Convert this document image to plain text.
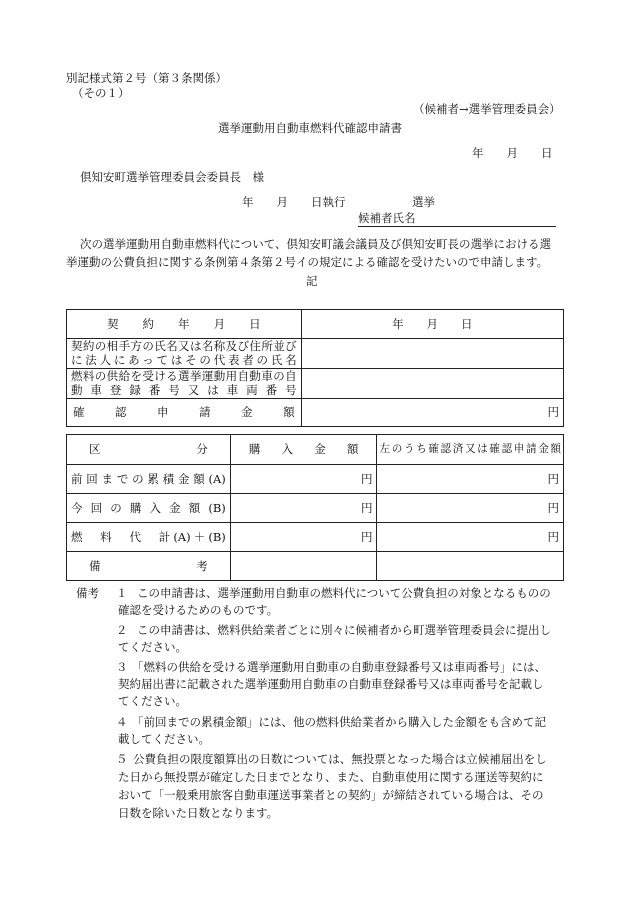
別記様式第２号（第３条関係）
（その１）
（候補者→選挙管理委員会）
選挙運動用自動車燃料代確認申請書
年　　月　　日
倶知安町選挙管理委員会委員長　様
年　　月　　日執行	選挙
候補者氏名
次の選挙運動用自動車燃料代について、倶知安町議会議員及び倶知安町長の選挙における選
挙運動の公費負担に関する条例第４条第２号イの規定による確認を受けたいので申請します。
記
契　約　年　月　日	年　　月　　日

契約の相手方の氏名又は名称及び住所並び
に法人にあってはその代表者の氏名	

燃料の供給を受ける選挙運動用自動車の自
動車登録番号又は車両番号	

確　認　申　請　金　額	円
区　　　分	購　入　金　額	左のうち確認済又は確認申請金額

前回までの累積金額(A)	円	円

今回の購入金額(B)	円	円

燃　料　代　計(A)＋(B)	円	円

備　　　考		

備考 １ この申請書は、選挙運動用自動車の燃料代について公費負担の対象となるものの
確認を受けるためのものです。
２ この申請書は、燃料供給業者ごとに別々に候補者から町選挙管理委員会に提出し
てください。
３ 「燃料の供給を受ける選挙運動用自動車の自動車登録番号又は車両番号」には、
契約届出書に記載された選挙運動用自動車の自動車登録番号又は車両番号を記載し
てください。
４ 「前回までの累積金額」には、他の燃料供給業者から購入した金額をも含めて記
載してください。
５ 公費負担の限度額算出の日数については、無投票となった場合は立候補届出をし
た日から無投票が確定した日までとなり、また、自動車使用に関する運送等契約に
おいて「一般乗用旅客自動車運送事業者との契約」が締結されている場合は、その
日数を除いた日数となります。
